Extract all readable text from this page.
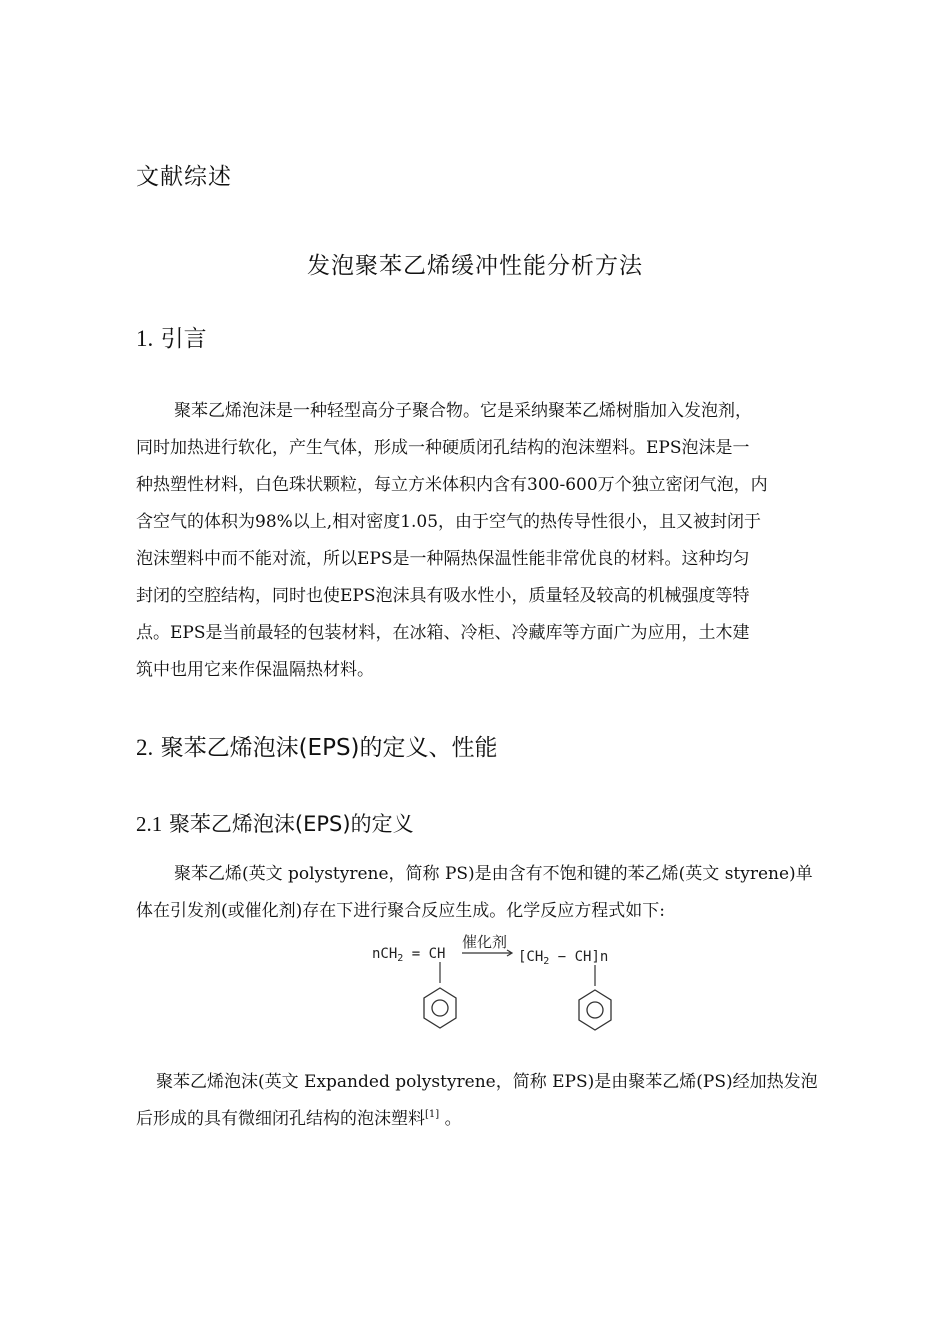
文献综述
发泡聚苯乙烯缓冲性能分析方法
1. 引言
聚苯乙烯泡沫是一种轻型高分子聚合物。它是采纳聚苯乙烯树脂加入发泡剂，
同时加热进行软化，产生气体，形成一种硬质闭孔结构的泡沫塑料。EPS泡沫是一
种热塑性材料，白色珠状颗粒，每立方米体积内含有300-600万个独立密闭气泡，内
含空气的体积为98%以上,相对密度1.05，由于空气的热传导性很小，且又被封闭于
泡沫塑料中而不能对流，所以EPS是一种隔热保温性能非常优良的材料。这种均匀
封闭的空腔结构，同时也使EPS泡沫具有吸水性小，质量轻及较高的机械强度等特
点。EPS是当前最轻的包装材料，在冰箱、冷柜、冷藏库等方面广为应用，土木建
筑中也用它来作保温隔热材料。
2. 聚苯乙烯泡沫(EPS)的定义、性能
2.1 聚苯乙烯泡沫(EPS)的定义
聚苯乙烯(英文 polystyrene，简称 PS)是由含有不饱和键的苯乙烯(英文 styrene)单
体在引发剂(或催化剂)存在下进行聚合反应生成。化学反应方程式如下:
nCH$_2$ = CH
催化剂
$[CH_2 - CH]n$
聚苯乙烯泡沫(英文 Expanded polystyrene，简称 EPS)是由聚苯乙烯(PS)经加热发泡
后形成的具有微细闭孔结构的泡沫塑料[1] 。
